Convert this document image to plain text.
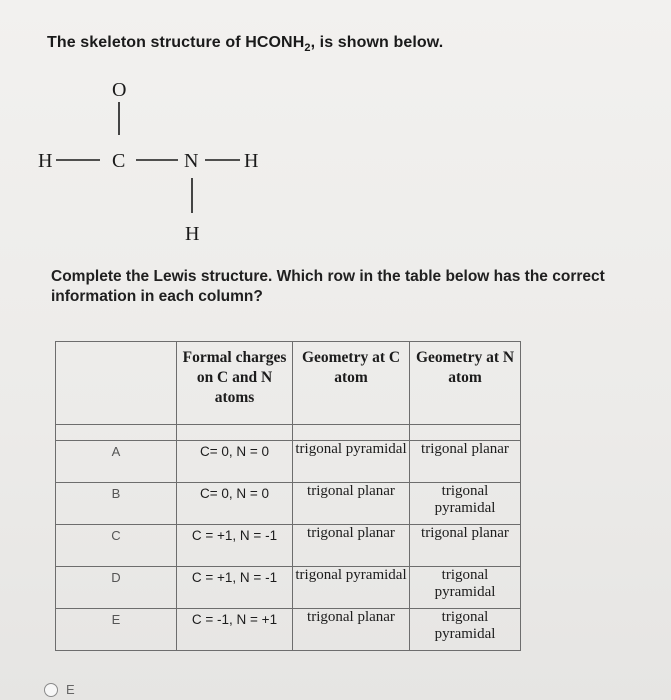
The skeleton structure of $HCONH_2$, is shown below.
O
H	C	N H
H
Complete the Lewis structure. Which row in the table below has the correct information in each column?

	Formal charges on C and N atoms	Geometry at C atom	Geometry at N atom

A	C= 0, N = 0	trigonal pyramidal	trigonal planar
B	C= 0, N = 0	trigonal planar	trigonal pyramidal
C	C = +1, N = -1	trigonal planar	trigonal planar
D	C = +1, N = -1	trigonal pyramidal	trigonal pyramidal
E	C = -1, N = +1	trigonal planar	trigonal pyramidal
E
